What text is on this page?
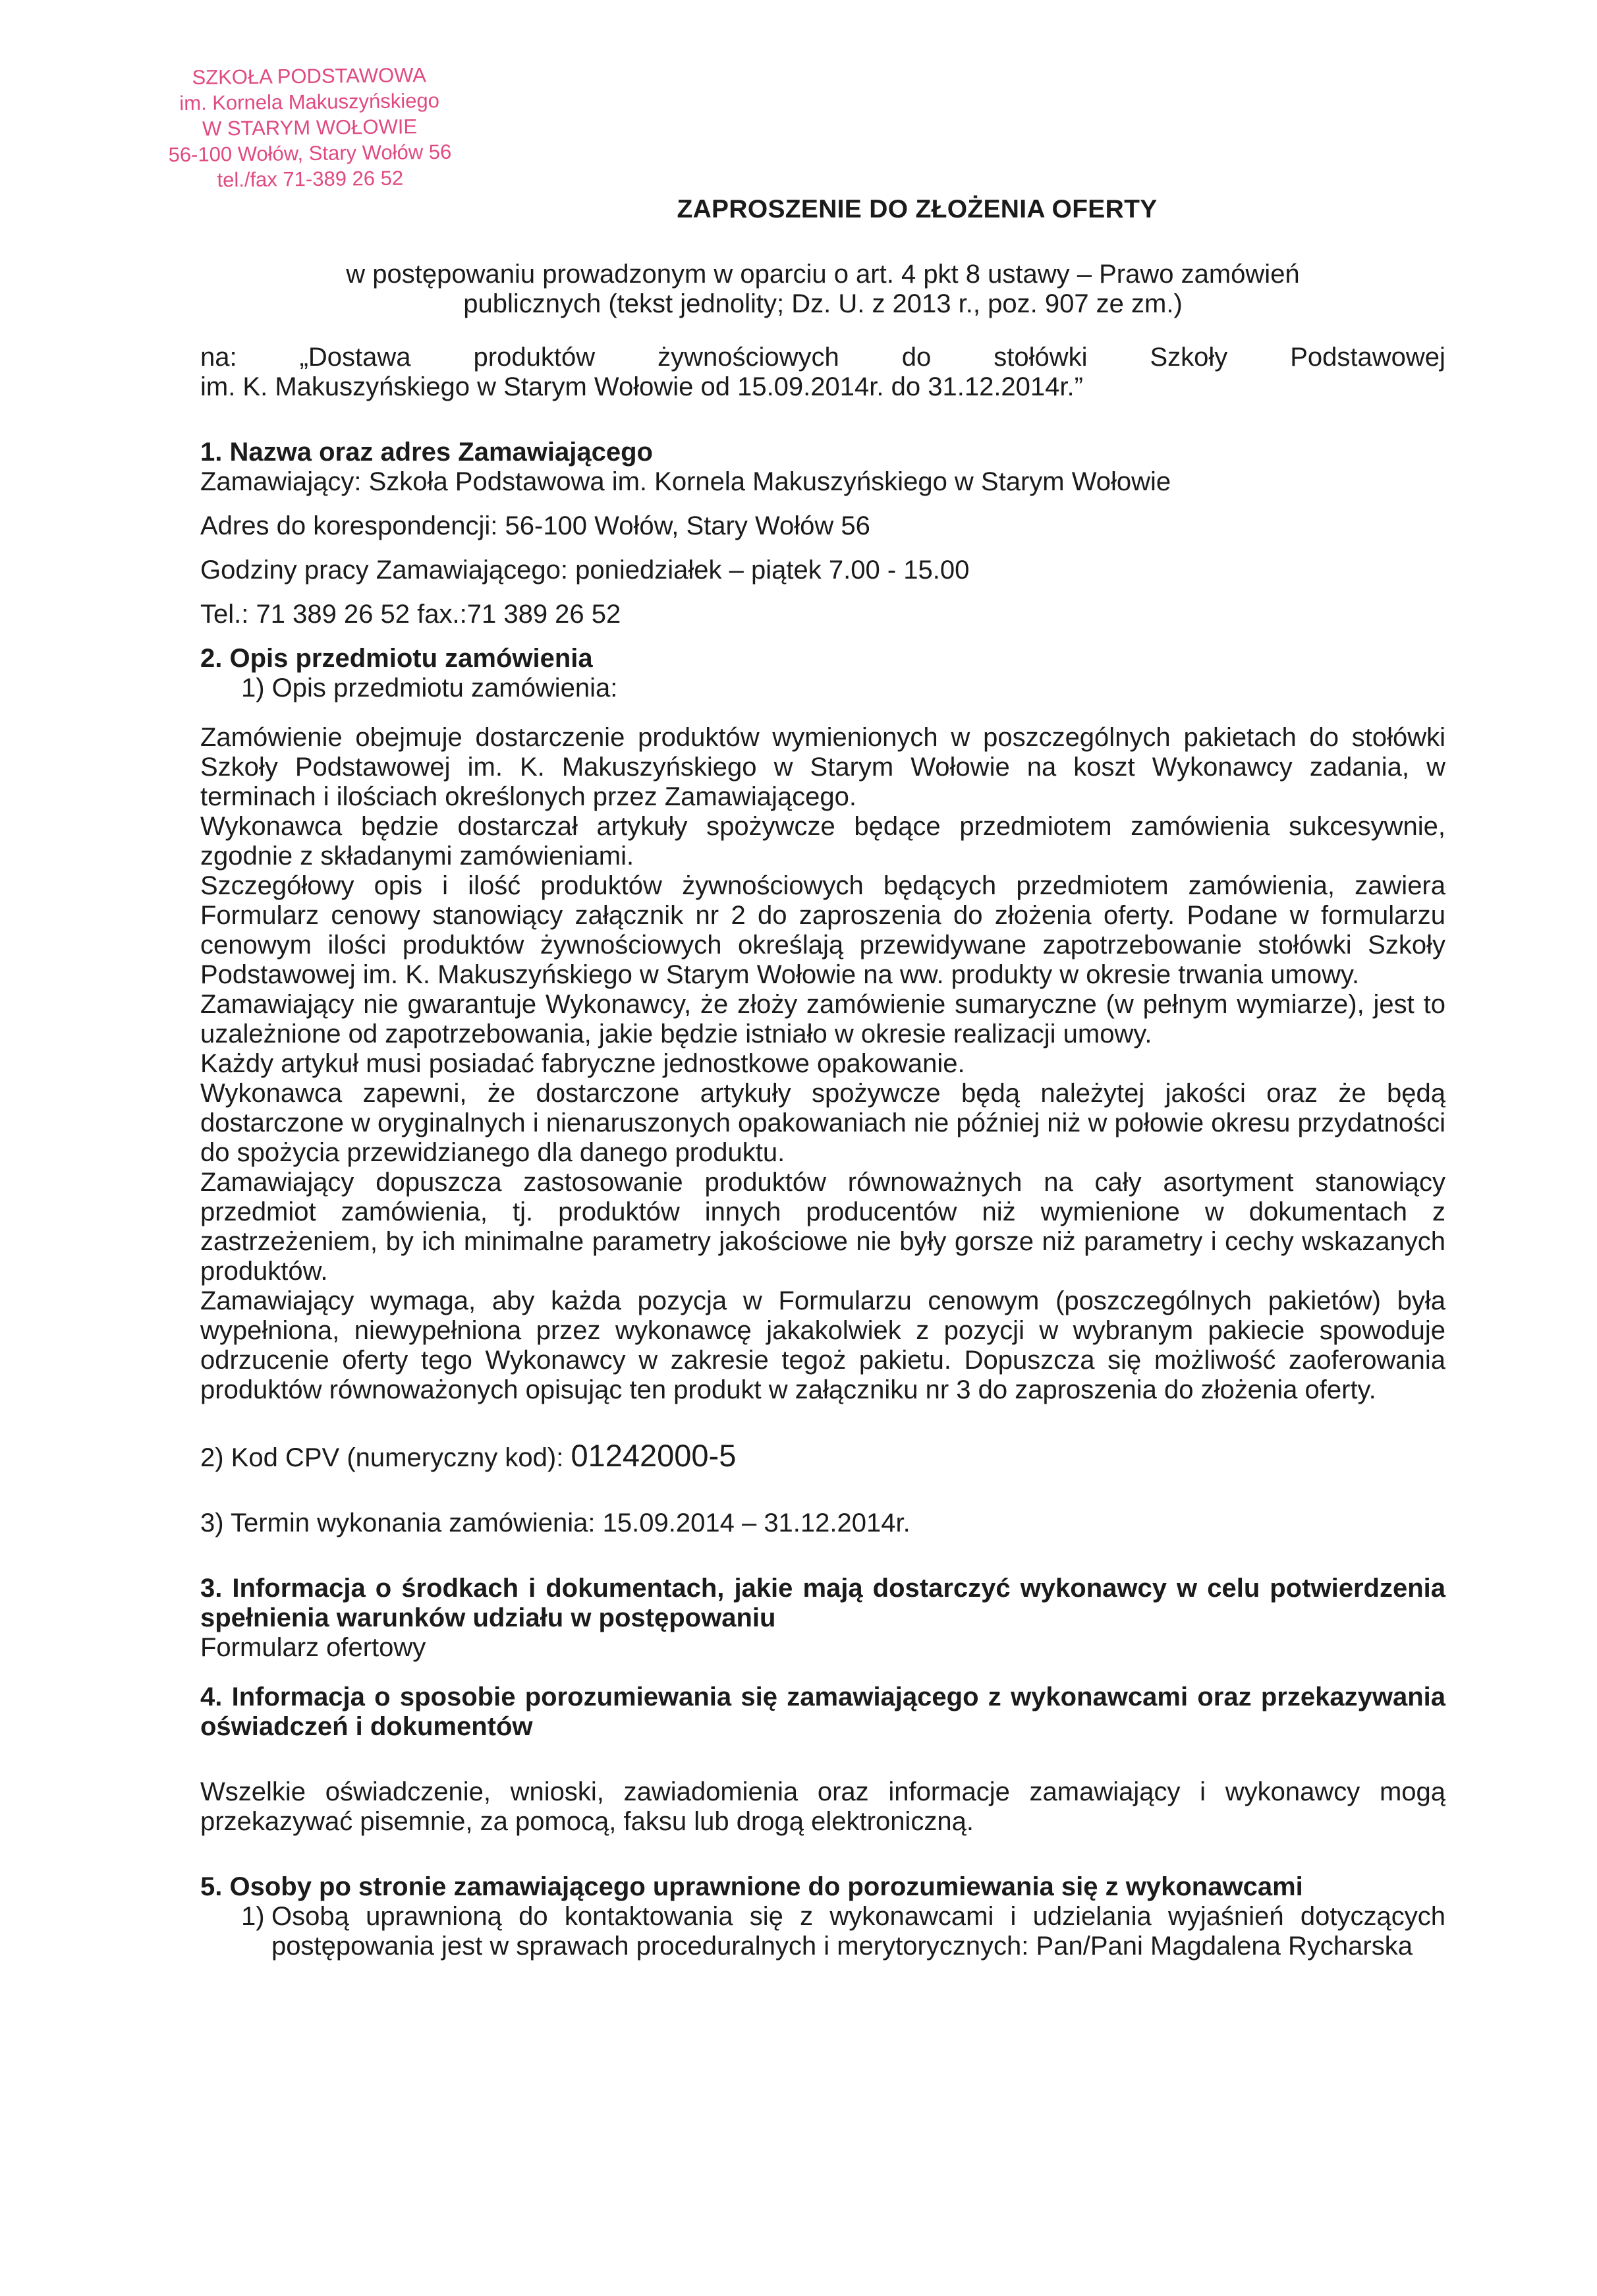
SZKOŁA PODSTAWOWA
im. Kornela Makuszyńskiego
W STARYM WOŁOWIE
56-100 Wołów, Stary Wołów 56
tel./fax 71-389 26 52
ZAPROSZENIE DO ZŁOŻENIA OFERTY

w postępowaniu prowadzonym w oparciu o art. 4 pkt 8 ustawy – Prawo zamówień

publicznych (tekst jednolity; Dz. U. z 2013 r., poz. 907 ze zm.)

na: „Dostawa produktów żywnościowych do stołówki Szkoły Podstawowej

im. K. Makuszyńskiego w Starym Wołowie od 15.09.2014r. do 31.12.2014r.”

1. Nazwa oraz adres Zamawiającego

Zamawiający: Szkoła Podstawowa im. Kornela Makuszyńskiego w Starym Wołowie

Adres do korespondencji: 56-100 Wołów, Stary Wołów 56

Godziny pracy Zamawiającego: poniedziałek – piątek 7.00 - 15.00

Tel.: 71 389 26 52 fax.:71 389 26 52

2. Opis przedmiotu zamówienia

1) Opis przedmiotu zamówienia:

Zamówienie obejmuje dostarczenie produktów wymienionych w poszczególnych pakietach do stołówki Szkoły Podstawowej im. K. Makuszyńskiego w Starym Wołowie na koszt Wykonawcy zadania, w terminach i ilościach określonych przez Zamawiającego.

Wykonawca będzie dostarczał artykuły spożywcze będące przedmiotem zamówienia sukcesywnie, zgodnie z składanymi zamówieniami.

Szczegółowy opis i ilość produktów żywnościowych będących przedmiotem zamówienia, zawiera Formularz cenowy stanowiący załącznik nr 2 do zaproszenia do złożenia oferty. Podane w formularzu cenowym ilości produktów żywnościowych określają przewidywane zapotrzebowanie stołówki Szkoły Podstawowej im. K. Makuszyńskiego w Starym Wołowie na ww. produkty w okresie trwania umowy.

Zamawiający nie gwarantuje Wykonawcy, że złoży zamówienie sumaryczne (w pełnym wymiarze), jest to uzależnione od zapotrzebowania, jakie będzie istniało w okresie realizacji umowy.

Każdy artykuł musi posiadać fabryczne jednostkowe opakowanie.

Wykonawca zapewni, że dostarczone artykuły spożywcze będą należytej jakości oraz że będą dostarczone w oryginalnych i nienaruszonych opakowaniach nie później niż w połowie okresu przydatności do spożycia przewidzianego dla danego produktu.

Zamawiający dopuszcza zastosowanie produktów równoważnych na cały asortyment stanowiący przedmiot zamówienia, tj. produktów innych producentów niż wymienione w dokumentach z zastrzeżeniem, by ich minimalne parametry jakościowe nie były gorsze niż parametry i cechy wskazanych produktów.

Zamawiający wymaga, aby każda pozycja w Formularzu cenowym (poszczególnych pakietów) była wypełniona, niewypełniona przez wykonawcę jakakolwiek z pozycji w wybranym pakiecie spowoduje odrzucenie oferty tego Wykonawcy w zakresie tegoż pakietu. Dopuszcza się możliwość zaoferowania produktów równoważonych opisując ten produkt w załączniku nr 3 do zaproszenia do złożenia oferty.

2) Kod CPV (numeryczny kod): 01242000-5

3) Termin wykonania zamówienia: 15.09.2014 – 31.12.2014r.

3. Informacja o środkach i dokumentach, jakie mają dostarczyć wykonawcy w celu potwierdzenia spełnienia warunków udziału w postępowaniu

Formularz ofertowy

4. Informacja o sposobie porozumiewania się zamawiającego z wykonawcami oraz przekazywania oświadczeń i dokumentów

Wszelkie oświadczenie, wnioski, zawiadomienia oraz informacje zamawiający i wykonawcy mogą przekazywać pisemnie, za pomocą, faksu lub drogą elektroniczną.

5. Osoby po stronie zamawiającego uprawnione do porozumiewania się z wykonawcami

1) Osobą uprawnioną do kontaktowania się z wykonawcami i udzielania wyjaśnień dotyczących postępowania jest w sprawach proceduralnych i merytorycznych: Pan/Pani Magdalena Rycharska
